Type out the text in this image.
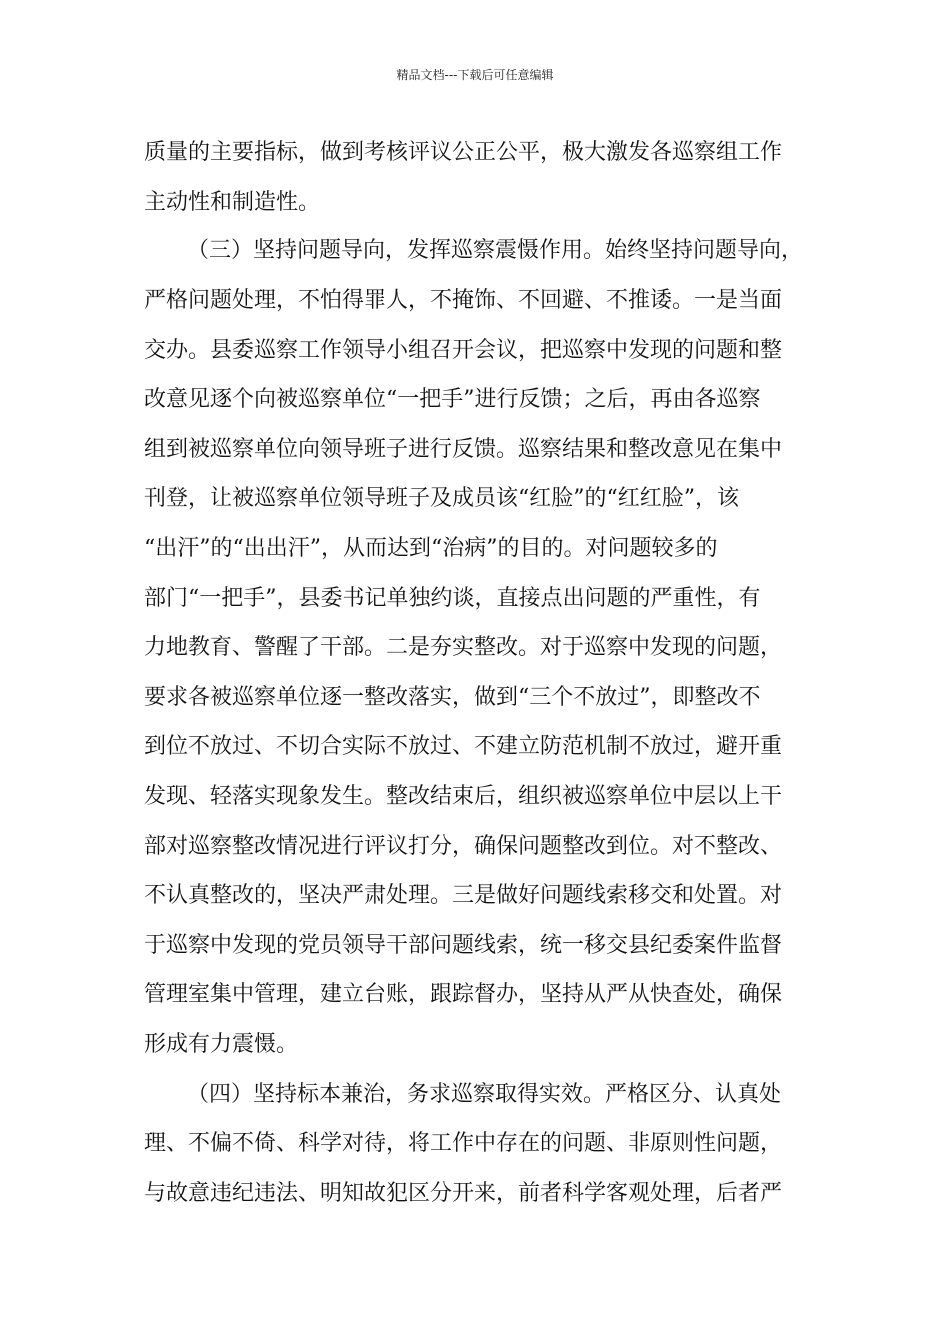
精品文档---下载后可任意编辑
质量的主要指标，做到考核评议公正公平，极大激发各巡察组工作
主动性和制造性。
（三）坚持问题导向，发挥巡察震慑作用。始终坚持问题导向，
严格问题处理，不怕得罪人，不掩饰、不回避、不推诿。一是当面
交办。县委巡察工作领导小组召开会议，把巡察中发现的问题和整
改意见逐个向被巡察单位“一把手”进行反馈；之后，再由各巡察
组到被巡察单位向领导班子进行反馈。巡察结果和整改意见在集中
刊登，让被巡察单位领导班子及成员该“红脸”的“红红脸”，该
“出汗”的“出出汗”，从而达到“治病”的目的。对问题较多的
部门“一把手”，县委书记单独约谈，直接点出问题的严重性，有
力地教育、警醒了干部。二是夯实整改。对于巡察中发现的问题，
要求各被巡察单位逐一整改落实，做到“三个不放过”，即整改不
到位不放过、不切合实际不放过、不建立防范机制不放过，避开重
发现、轻落实现象发生。整改结束后，组织被巡察单位中层以上干
部对巡察整改情况进行评议打分，确保问题整改到位。对不整改、
不认真整改的，坚决严肃处理。三是做好问题线索移交和处置。对
于巡察中发现的党员领导干部问题线索，统一移交县纪委案件监督
管理室集中管理，建立台账，跟踪督办，坚持从严从快查处，确保
形成有力震慑。
（四）坚持标本兼治，务求巡察取得实效。严格区分、认真处
理、不偏不倚、科学对待，将工作中存在的问题、非原则性问题，
与故意违纪违法、明知故犯区分开来，前者科学客观处理，后者严
